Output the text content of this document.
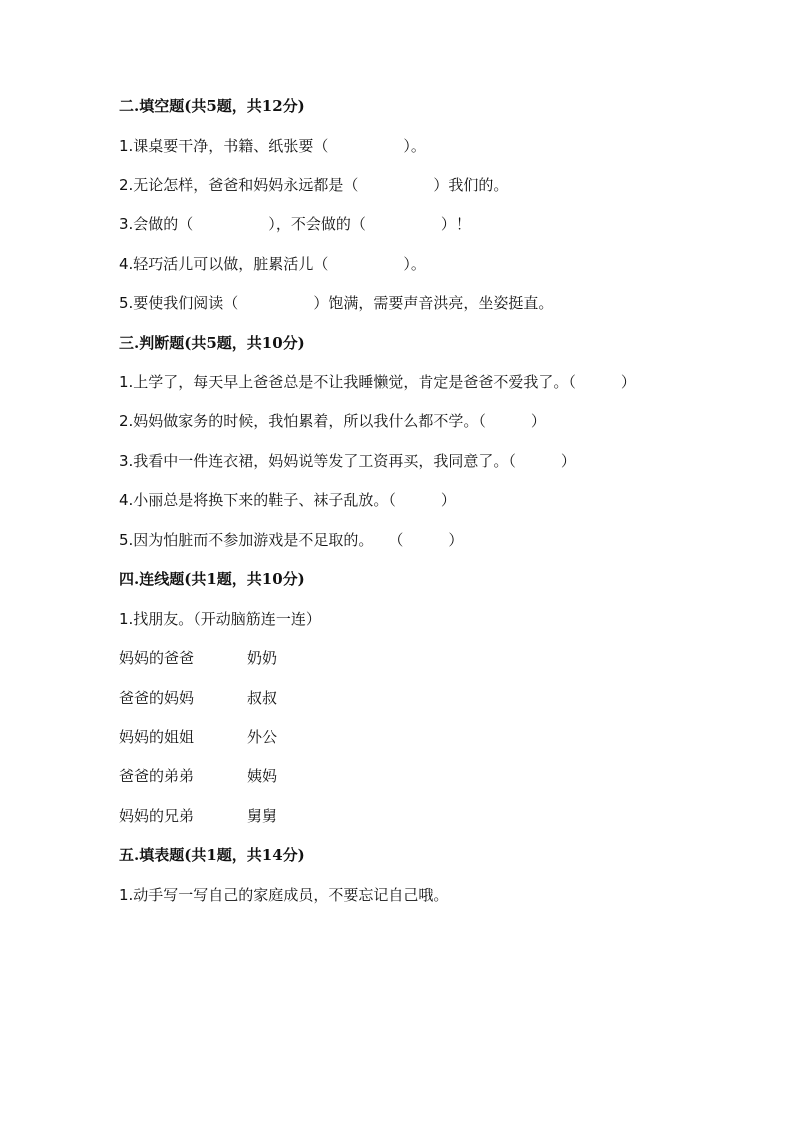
二.填空题(共5题，共12分)
1.课桌要干净，书籍、纸张要（　　　　　）。
2.无论怎样，爸爸和妈妈永远都是（　　　　　）我们的。
3.会做的（　　　　　），不会做的（　　　　　）！
4.轻巧活儿可以做，脏累活儿（　　　　　）。
5.要使我们阅读（　　　　　）饱满，需要声音洪亮，坐姿挺直。
三.判断题(共5题，共10分)
1.上学了，每天早上爸爸总是不让我睡懒觉，肯定是爸爸不爱我了。（　　　）
2.妈妈做家务的时候，我怕累着，所以我什么都不学。（　　　）
3.我看中一件连衣裙，妈妈说等发了工资再买，我同意了。（　　　）
4.小丽总是将换下来的鞋子、袜子乱放。（　　　）
5.因为怕脏而不参加游戏是不足取的。　　（　　　）
四.连线题(共1题，共10分)
1.找朋友。（开动脑筋连一连）
妈妈的爸爸	奶奶
爸爸的妈妈	叔叔
妈妈的姐姐	外公
爸爸的弟弟	姨妈
妈妈的兄弟	舅舅
五.填表题(共1题，共14分)
1.动手写一写自己的家庭成员，不要忘记自己哦。
